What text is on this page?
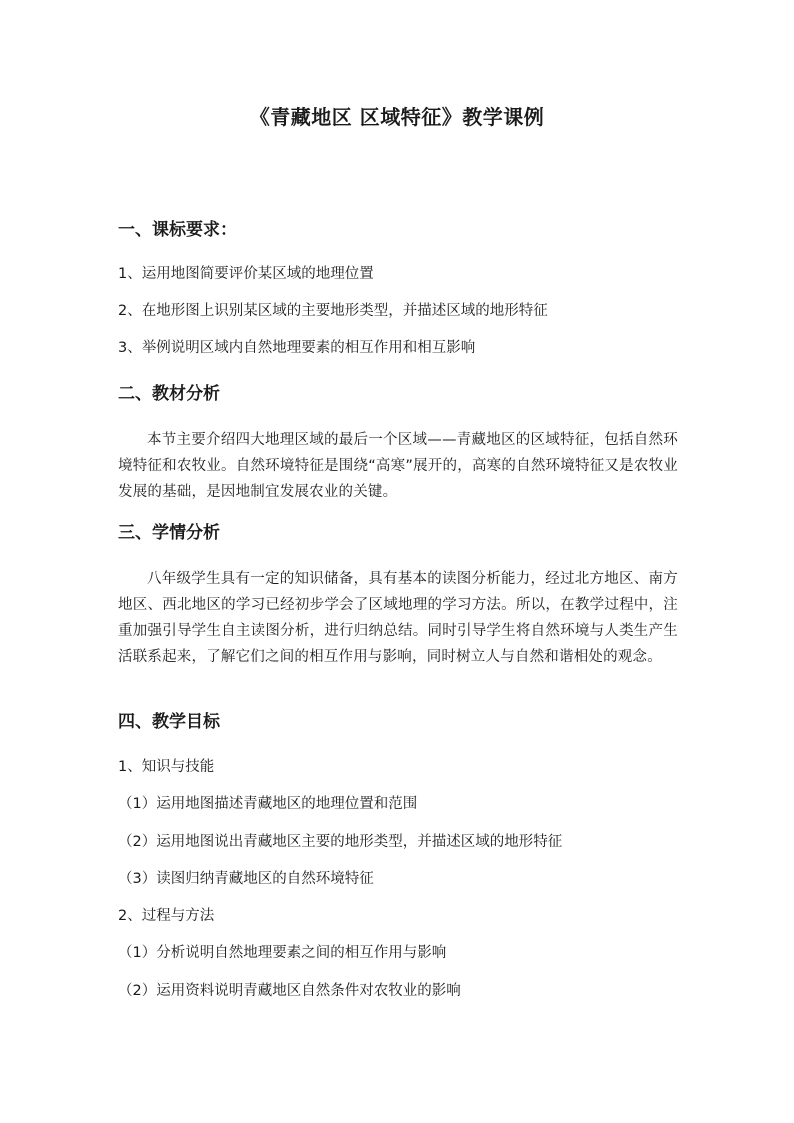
《青藏地区 区域特征》教学课例
一、课标要求：
1、运用地图简要评价某区域的地理位置
2、在地形图上识别某区域的主要地形类型，并描述区域的地形特征
3、举例说明区域内自然地理要素的相互作用和相互影响
二、教材分析
本节主要介绍四大地理区域的最后一个区域——青藏地区的区域特征，包括自然环境特征和农牧业。自然环境特征是围绕“高寒”展开的，高寒的自然环境特征又是农牧业发展的基础，是因地制宜发展农业的关键。
三、学情分析
八年级学生具有一定的知识储备，具有基本的读图分析能力，经过北方地区、南方地区、西北地区的学习已经初步学会了区域地理的学习方法。所以，在教学过程中，注重加强引导学生自主读图分析，进行归纳总结。同时引导学生将自然环境与人类生产生活联系起来，了解它们之间的相互作用与影响，同时树立人与自然和谐相处的观念。
四、教学目标
1、知识与技能
（1）运用地图描述青藏地区的地理位置和范围
（2）运用地图说出青藏地区主要的地形类型，并描述区域的地形特征
（3）读图归纳青藏地区的自然环境特征
2、过程与方法
（1）分析说明自然地理要素之间的相互作用与影响
（2）运用资料说明青藏地区自然条件对农牧业的影响
